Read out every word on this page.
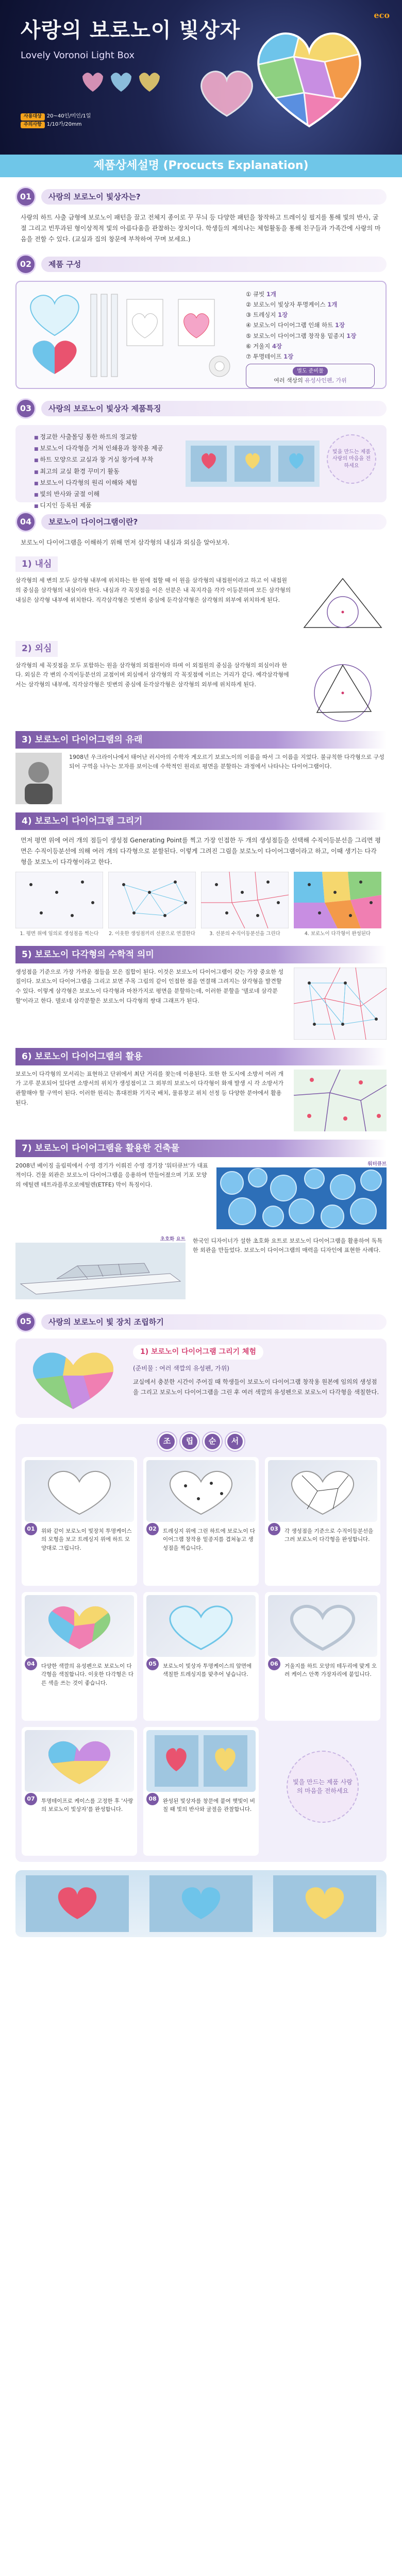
eco
사랑의 보로노이 빛상자
Lovely Voronoi Light Box
사용대상 20~40인/미인/1일
주의사항 1/10가/20mm
제품상세설명 (Procucts Explanation)
01	사랑의 보로노이 빛상자는?

사랑의 하트 사출 금형에 보로노이 패턴을 끌고 전체지 종이로 꾸 무늬 등 다양한 패턴을 창작하고 트레이싱 필지를 통해 빛의 반사, 굴절 그리고 빈투과된 형이상적적 빛의 아름다움을 관찰하는 장치이다. 학생들의 제의나는 체험활동을 통해 친구들과 가족간에 사랑의 마음을 전할 수 있다. (교실과 집의 창문에 부착하여 꾸며 보세요.)

02	제품 구성
① 큐빗 1개
② 보로노이 빛상자 투명케이스 1개
③ 트레싱지 1장
④ 보로노이 다이어그램 인쇄 하트 1장
⑤ 보로노이 다이어그램 창작용 밑종지 1장
⑥ 거울지 4장
⑦ 투명테이프 1장
별도 준비물
여러 색상의 유성사인펜, 가위
03	사랑의 보로노이 빛상자 제품특징
■ 정교한 사출몰딩 통한 하트의 정교함
■ 보로노이 다각형을 거쳐 인쇄용과 창작용 제공
■ 하트 모양으로 교실과 창 거실 창가에 부착
■ 최고의 교실 환경 꾸미기 활동
■ 보로노이 다각형의 원리 이해와 체험
■ 빛의 반사와 굴절 이해
■ 디지인 등록된 제품
빛을 만드는 제품 사랑의 마음을 전하세요
04	보로노이 다이어그램이란?

보로노이 다이어그램을 이해하기 위해 먼저 삼각형의 내심과 외심을 알아보자.

1) 내심

삼각형의 세 변의 모두 삼각형 내부에 위치하는 한 원에 접할 때 이 원을 삼각형의 내접원이라고 하고 이 내접원의 중심을 삼각형의 내심이라 한다. 내심과 각 꼭짓점을 이은 선분은 내 꼭지각을 각각 이등분하며 모든 삼각형의 내심은 삼각형 내부에 위치한다. 직각삼각형은 빗변의 중심에 둔각삼각형은 삼각형의 외부에 위치하게 된다.

2) 외심

삼각형의 세 꼭짓점을 모두 포함하는 원을 삼각형의 외접원이라 하며 이 외접원의 중심을 삼각형의 외심이라 한다. 외심은 각 변의 수직이등분선의 교점이며 외심에서 삼각형의 각 꼭짓점에 이르는 거리가 같다. 예각삼각형에서는 삼각형의 내부에, 직각삼각형은 빗변의 중심에 둔각삼각형은 삼각형의 외부에 위치하게 된다.

3) 보로노이 다이어그램의 유래

1908년 우크라이나에서 태어난 러시아의 수학자 게오르기 보로노이의 이름을 따서 그 이름을 지었다. 불규칙한 다각형으로 구성되어 구역을 나누는 모자를 보이는데 수학적인 원리로 평면을 분할하는 과정에서 나타나는 다이어그램이다.

4) 보로노이 다이어그램 그리기

먼저 평면 위에 여러 개의 점들이 생성점 Generating Point를 찍고 가장 인접한 두 개의 생성점들을 선택해 수직이등분선을 그리면 평면은 수직이등분선에 의해 여러 개의 다각형으로 분할된다. 이렇게 그려진 그림을 보로노이 다이어그램이라고 하고, 이때 생기는 다각형을 보로노이 다각형이라고 한다.

1. 평면 위에 임의로 생성점을 찍는다	2. 이웃한 생성점끼리 선분으로 연결한다	3. 선분의 수직이등분선을 그린다	4. 보로노이 다각형이 완성된다
5) 보로노이 다각형의 수학적 의미

생성점을 기준으로 가장 가까운 점들을 모은 집합이 된다. 이것은 보로노이 다이어그램이 갖는 가장 중요한 성질이다. 보로노이 다이어그램을 그리고 보면 주목 그림의 같이 인접한 점을 연결해 그려지는 삼각형을 발견할 수 있다. 이렇게 삼각형은 보로노이 다각형과 마찬가지로 평면을 분할하는데, 이러한 분할을 '델로네 삼각분할'이라고 한다. 델로네 삼각분할은 보로노이 다각형의 쌍대 그래프가 된다.

6) 보로노이 다이어그램의 활용

보로노이 다각형의 모서리는 표현하고 단위에서 최단 거리를 찾는데 이용된다. 또한 한 도시에 소방서 여러 개가 고루 분포되어 있다면 소방서의 위치가 생성점이고 그 외부의 보로노이 다각형이 화재 발생 시 각 소방서가 관할해야 할 구역이 된다. 이러한 원리는 휴대전화 기지국 배치, 물류창고 위치 선정 등 다양한 분야에서 활용된다.

7) 보로노이 다이어그램을 활용한 건축물

2008년 베이징 올림픽에서 수영 경기가 이뤄진 수영 경기장 '워터큐브'가 대표적이다. 건물 외관은 보로노이 다이어그램을 응용하여 만들어졌으며 기포 모양의 에틸렌 테트라플루오로에틸렌(ETFE) 막이 특징이다.

워터큐브
초호화 요트 한국인 디자이너가 설한 초호화 요트로 보로노이 다이어그램을 활용하여 독특한 외관을 만들었다. 보로노이 다이어그램의 매력을 디자인에 표현한 사례다.

05	사랑의 보로노이 빛 장치 조립하기
1) 보로노이 다이어그램 그리기 체험
(준비물 : 여러 색깔의 유성펜, 가위)

교실에서 충분한 시간이 주어질 때 학생들이 보로노이 다이어그램 창작용 원본에 임의의 생성점을 그리고 보로노이 다이어그램을 그린 후 여러 색깔의 유성펜으로 보로노이 다각형을 색칠한다.

조	립	순	서
01	위와 같이 보로노이 빛장치 투명케이스의 모형을 보고 트레싱지 위에 하트 모양대로 그립니다.
02	트레싱지 위에 그린 하트에 보로노이 다이어그램 창작용 밑종지를 겹쳐놓고 생성점을 찍습니다.
03	각 생성점을 기준으로 수직이등분선을 그려 보로노이 다각형을 완성합니다.
04	다양한 색깔의 유성펜으로 보로노이 다각형을 색칠합니다. 이웃한 다각형은 다른 색을 쓰는 것이 좋습니다.
05	보로노이 빛상자 투명케이스의 앞면에 색칠한 트레싱지를 맞추어 넣습니다.
06	거울지를 하트 모양의 테두리에 맞게 오려 케이스 안쪽 가장자리에 붙입니다.
07	투명테이프로 케이스를 고정한 후 '사랑의 보로노이 빛상자'를 완성합니다.
08	완성된 빛상자를 창문에 붙여 햇빛이 비칠 때 빛의 반사와 굴절을 관찰합니다.
빛을 만드는 제품 사랑의 마음을 전하세요
